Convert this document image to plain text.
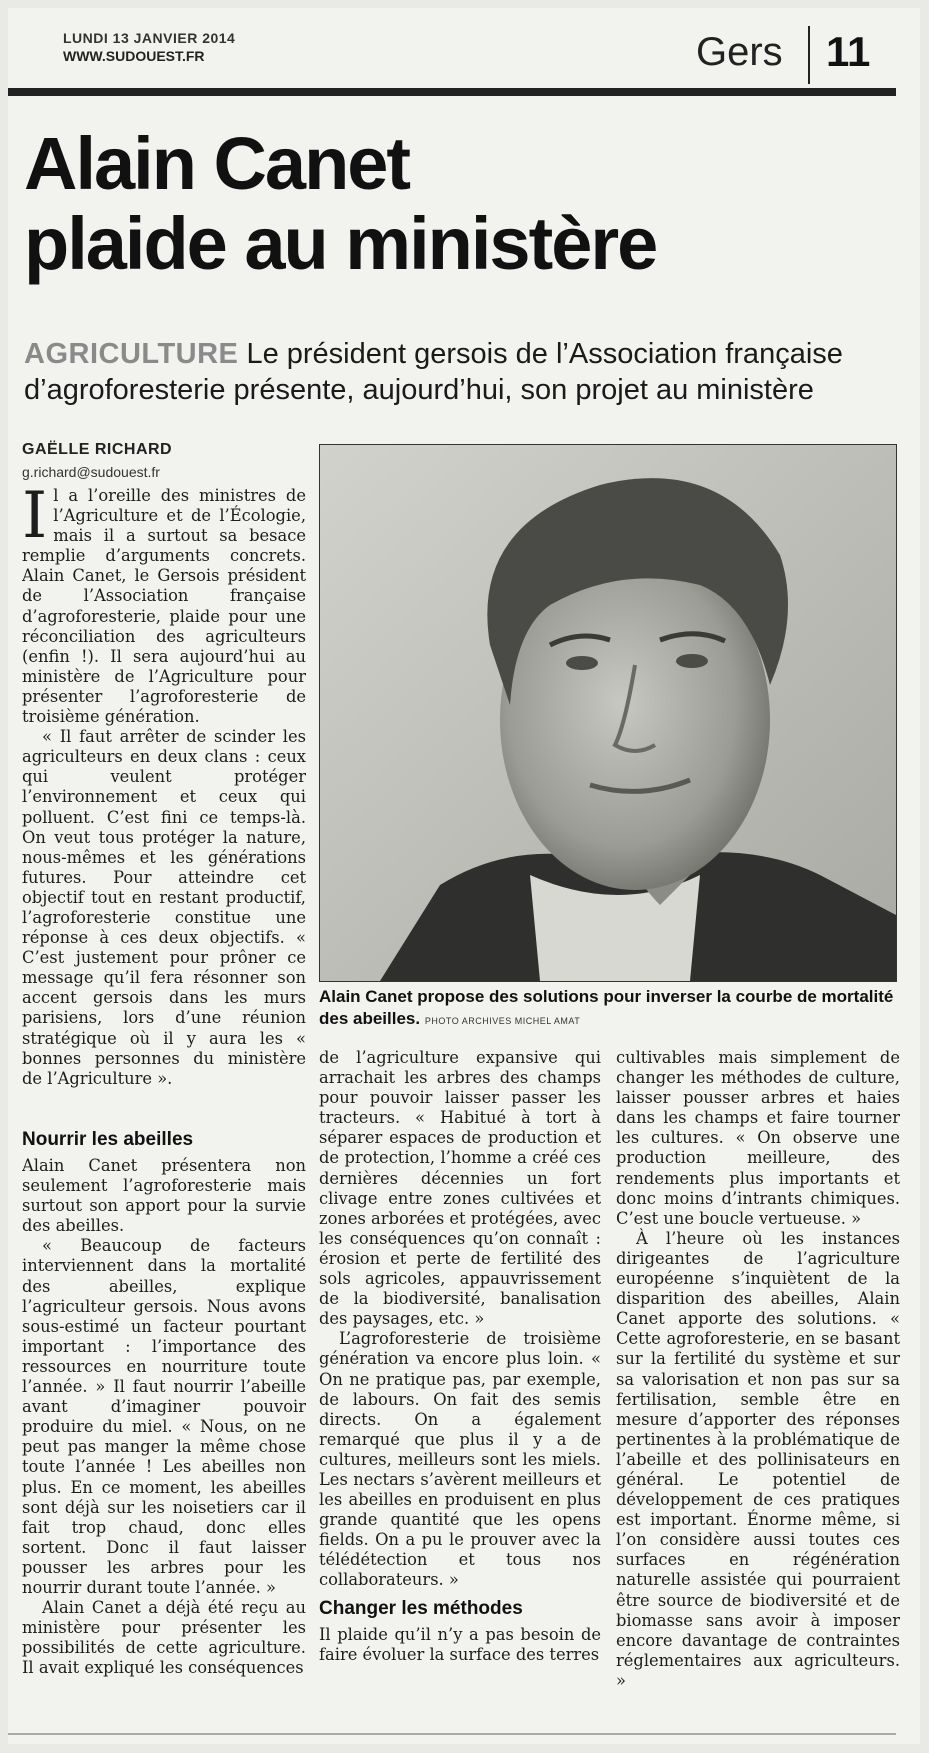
LUNDI 13 JANVIER 2014
WWW.SUDOUEST.FR	Gers 11
Alain Canet
plaide au ministère
AGRICULTURE Le président gersois de l’Association française d’agroforesterie présente, aujourd’hui, son projet au ministère
GAËLLE RICHARD
g.richard@sudouest.fr

Il a l’oreille des ministres de l’Agriculture et de l’Écologie, mais il a surtout sa besace remplie d’arguments concrets. Alain Canet, le Gersois président de l’Association française d’agroforesterie, plaide pour une réconciliation des agriculteurs (enfin !). Il sera aujourd’hui au ministère de l’Agriculture pour présenter l’agroforesterie de troisième génération.

« Il faut arrêter de scinder les agriculteurs en deux clans : ceux qui veulent protéger l’environnement et ceux qui polluent. C’est fini ce temps-là. On veut tous protéger la nature, nous-mêmes et les générations futures. Pour atteindre cet objectif tout en restant productif, l’agroforesterie constitue une réponse à ces deux objectifs. « C’est justement pour prôner ce message qu’il fera résonner son accent gersois dans les murs parisiens, lors d’une réunion stratégique où il y aura les « bonnes personnes du ministère de l’Agriculture ».

Nourrir les abeilles

Alain Canet présentera non seulement l’agroforesterie mais surtout son apport pour la survie des abeilles.

« Beaucoup de facteurs interviennent dans la mortalité des abeilles, explique l’agriculteur gersois. Nous avons sous-estimé un facteur pourtant important : l’importance des ressources en nourriture toute l’année. » Il faut nourrir l’abeille avant d’imaginer pouvoir produire du miel. « Nous, on ne peut pas manger la même chose toute l’année ! Les abeilles non plus. En ce moment, les abeilles sont déjà sur les noisetiers car il fait trop chaud, donc elles sortent. Donc il faut laisser pousser les arbres pour les nourrir durant toute l’année. »

Alain Canet a déjà été reçu au ministère pour présenter les possibilités de cette agriculture. Il avait expliqué les conséquences

Alain Canet propose des solutions pour inverser la courbe de mortalité des abeilles. PHOTO ARCHIVES MICHEL AMAT

de l’agriculture expansive qui arrachait les arbres des champs pour pouvoir laisser passer les tracteurs. « Habitué à tort à séparer espaces de production et de protection, l’homme a créé ces dernières décennies un fort clivage entre zones cultivées et zones arborées et protégées, avec les conséquences qu’on connaît : érosion et perte de fertilité des sols agricoles, appauvrissement de la biodiversité, banalisation des paysages, etc. »

L’agroforesterie de troisième génération va encore plus loin. « On ne pratique pas, par exemple, de labours. On fait des semis directs. On a également remarqué que plus il y a de cultures, meilleurs sont les miels. Les nectars s’avèrent meilleurs et les abeilles en produisent en plus grande quantité que les opens fields. On a pu le prouver avec la télédétection et tous nos collaborateurs. »

Changer les méthodes

Il plaide qu’il n’y a pas besoin de faire évoluer la surface des terres

cultivables mais simplement de changer les méthodes de culture, laisser pousser arbres et haies dans les champs et faire tourner les cultures. « On observe une production meilleure, des rendements plus importants et donc moins d’intrants chimiques. C’est une boucle vertueuse. »

À l’heure où les instances dirigeantes de l’agriculture européenne s’inquiètent de la disparition des abeilles, Alain Canet apporte des solutions. « Cette agroforesterie, en se basant sur la fertilité du système et sur sa valorisation et non pas sur sa fertilisation, semble être en mesure d’apporter des réponses pertinentes à la problématique de l’abeille et des pollinisateurs en général. Le potentiel de développement de ces pratiques est important. Énorme même, si l’on considère aussi toutes ces surfaces en régénération naturelle assistée qui pourraient être source de biodiversité et de biomasse sans avoir à imposer encore davantage de contraintes réglementaires aux agriculteurs. »
